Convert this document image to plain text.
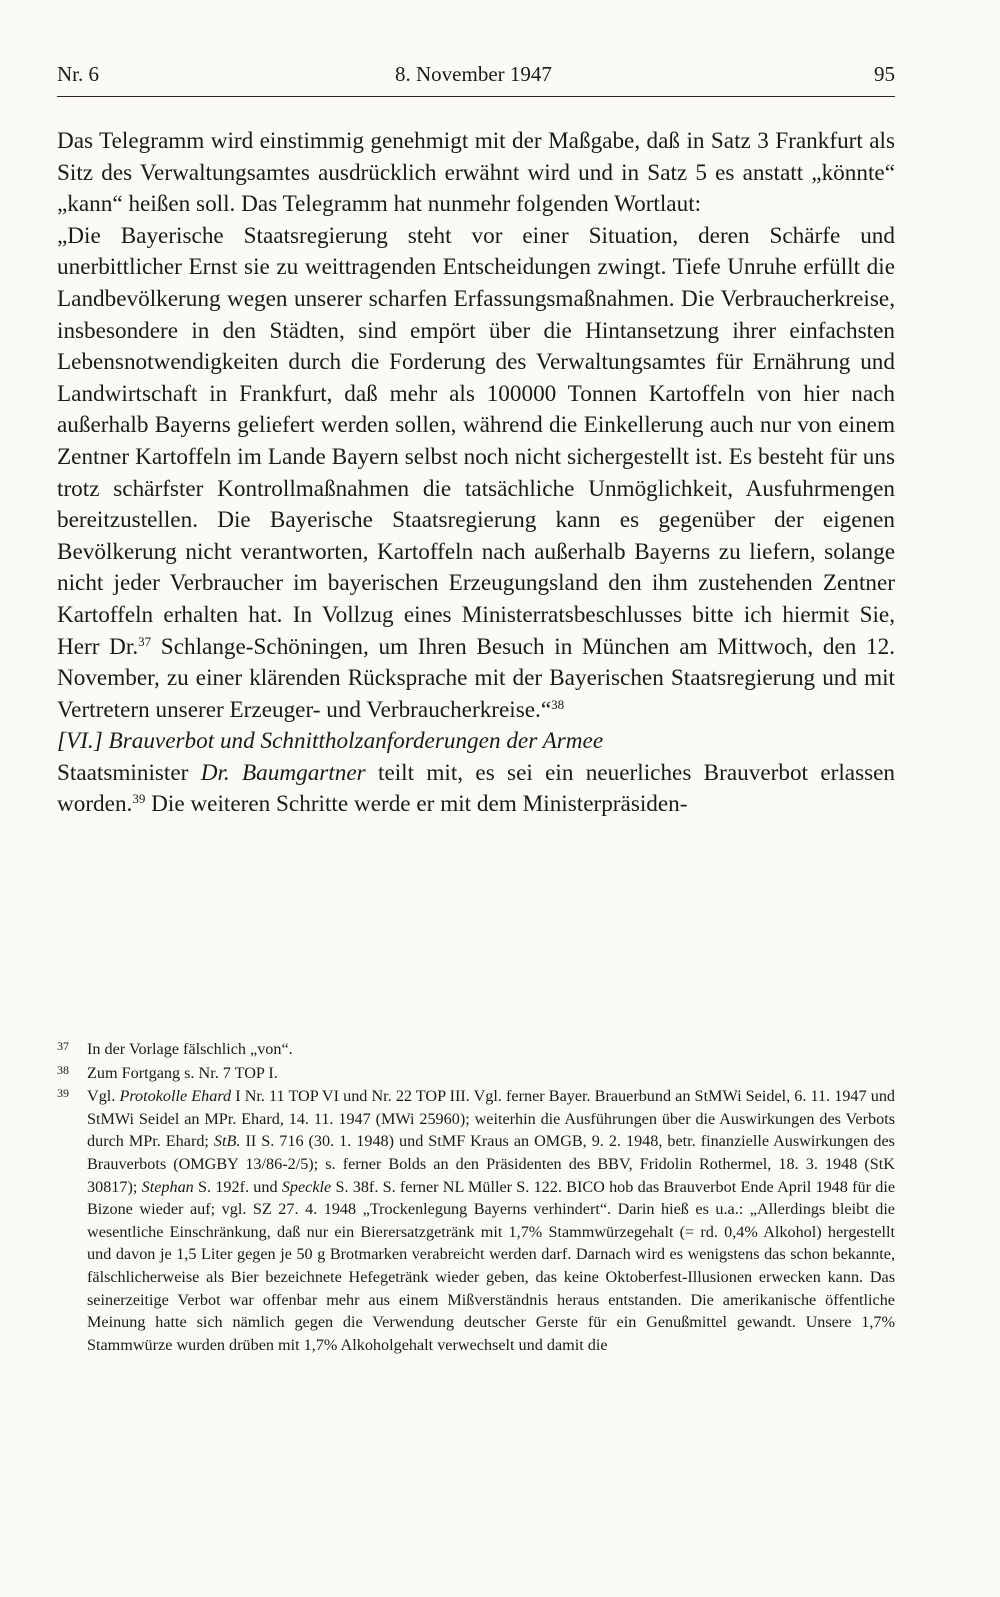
Nr. 6	8. November 1947	95

Das Telegramm wird einstimmig genehmigt mit der Maßgabe, daß in Satz 3 Frankfurt als Sitz des Verwaltungsamtes ausdrücklich erwähnt wird und in Satz 5 es anstatt „könnte“ „kann“ heißen soll. Das Telegramm hat nunmehr folgenden Wortlaut:

„Die Bayerische Staatsregierung steht vor einer Situation, deren Schärfe und unerbittlicher Ernst sie zu weittragenden Entscheidungen zwingt. Tiefe Unruhe erfüllt die Landbevölkerung wegen unserer scharfen Erfassungsmaßnahmen. Die Verbraucherkreise, insbesondere in den Städten, sind empört über die Hintansetzung ihrer einfachsten Lebensnotwendigkeiten durch die Forderung des Verwaltungsamtes für Ernährung und Landwirtschaft in Frankfurt, daß mehr als 100000 Tonnen Kartoffeln von hier nach außerhalb Bayerns geliefert werden sollen, während die Einkellerung auch nur von einem Zentner Kartoffeln im Lande Bayern selbst noch nicht sichergestellt ist. Es besteht für uns trotz schärfster Kontrollmaßnahmen die tatsächliche Unmöglichkeit, Ausfuhrmengen bereitzustellen. Die Bayerische Staatsregierung kann es gegenüber der eigenen Bevölkerung nicht verantworten, Kartoffeln nach außerhalb Bayerns zu liefern, solange nicht jeder Verbraucher im bayerischen Erzeugungsland den ihm zustehenden Zentner Kartoffeln erhalten hat. In Vollzug eines Ministerratsbeschlusses bitte ich hiermit Sie, Herr Dr.$^{37}$ Schlange-Schöningen, um Ihren Besuch in München am Mittwoch, den 12. November, zu einer klärenden Rücksprache mit der Bayerischen Staatsregierung und mit Vertretern unserer Erzeuger- und Verbraucherkreise.“$^{38}$

[VI.] Brauverbot und Schnittholzanforderungen der Armee

Staatsminister Dr. Baumgartner teilt mit, es sei ein neuerliches Brauverbot erlassen worden.$^{39}$ Die weiteren Schritte werde er mit dem Ministerpräsiden-

37 In der Vorlage fälschlich „von“.
38 Zum Fortgang s. Nr. 7 TOP I.
39 Vgl. Protokolle Ehard I Nr. 11 TOP VI und Nr. 22 TOP III. Vgl. ferner Bayer. Brauerbund an StMWi Seidel, 6. 11. 1947 und StMWi Seidel an MPr. Ehard, 14. 11. 1947 (MWi 25960); weiterhin die Ausführungen über die Auswirkungen des Verbots durch MPr. Ehard; StB. II S. 716 (30. 1. 1948) und StMF Kraus an OMGB, 9. 2. 1948, betr. finanzielle Auswirkungen des Brauverbots (OMGBY 13/86-2/5); s. ferner Bolds an den Präsidenten des BBV, Fridolin Rothermel, 18. 3. 1948 (StK 30817); Stephan S. 192f. und Speckle S. 38f. S. ferner NL Müller S. 122. BICO hob das Brauverbot Ende April 1948 für die Bizone wieder auf; vgl. SZ 27. 4. 1948 „Trockenlegung Bayerns verhindert“. Darin hieß es u.a.: „Allerdings bleibt die wesentliche Einschränkung, daß nur ein Bierersatzgetränk mit 1,7% Stammwürzegehalt (= rd. 0,4% Alkohol) hergestellt und davon je 1,5 Liter gegen je 50 g Brotmarken verabreicht werden darf. Darnach wird es wenigstens das schon bekannte, fälschlicherweise als Bier bezeichnete Hefegetränk wieder geben, das keine Oktoberfest-Illusionen erwecken kann. Das seinerzeitige Verbot war offenbar mehr aus einem Mißverständnis heraus entstanden. Die amerikanische öffentliche Meinung hatte sich nämlich gegen die Verwendung deutscher Gerste für ein Genußmittel gewandt. Unsere 1,7% Stammwürze wurden drüben mit 1,7% Alkoholgehalt verwechselt und damit die
